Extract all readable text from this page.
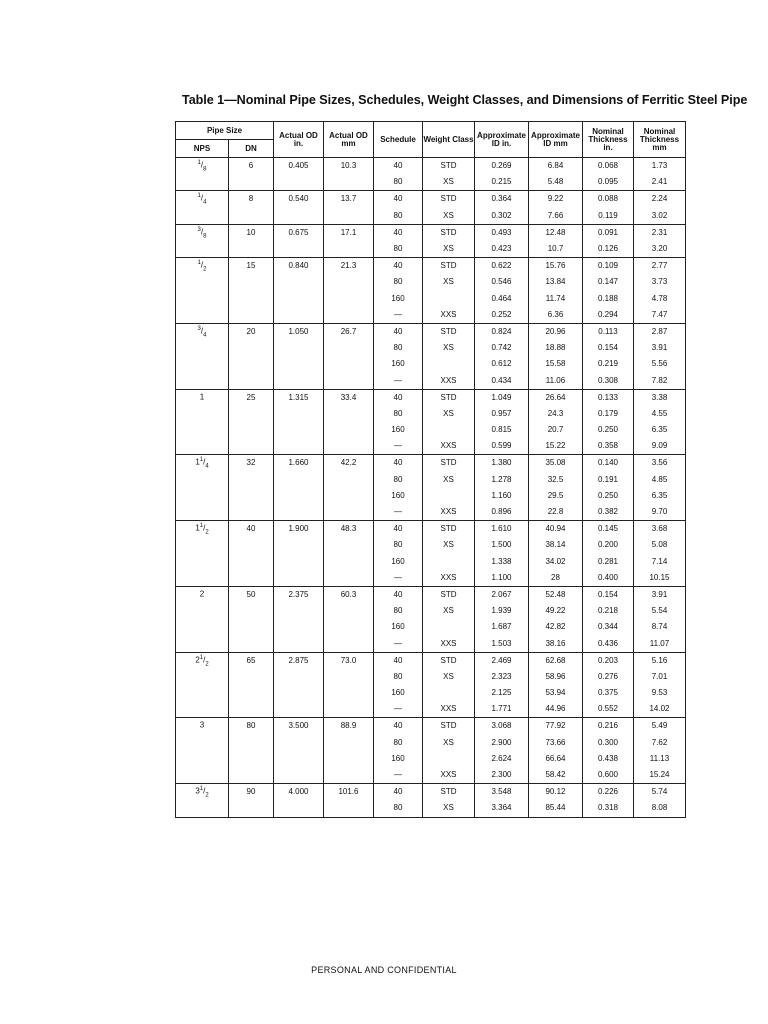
Table 1—Nominal Pipe Sizes, Schedules, Weight Classes, and Dimensions of Ferritic Steel Pipe
Pipe Size		Actual OD in.	Actual OD mm	Schedule	Weight Class	Approximate ID in.	Approximate ID mm	Nominal Thickness in.	Nominal Thickness mm
NPS	DN								
$^1/_8$	6	0.405	10.3	40	STD	0.269	6.84	0.068	1.73
				80	XS	0.215	5.48	0.095	2.41
$^1/_4$	8	0.540	13.7	40	STD	0.364	9.22	0.088	2.24
				80	XS	0.302	7.66	0.119	3.02
$^3/_8$	10	0.675	17.1	40	STD	0.493	12.48	0.091	2.31
				80	XS	0.423	10.7	0.126	3.20
$^1/_2$	15	0.840	21.3	40	STD	0.622	15.76	0.109	2.77
				80	XS	0.546	13.84	0.147	3.73
				160		0.464	11.74	0.188	4.78
				—	XXS	0.252	6.36	0.294	7.47
$^3/_4$	20	1.050	26.7	40	STD	0.824	20.96	0.113	2.87
				80	XS	0.742	18.88	0.154	3.91
				160		0.612	15.58	0.219	5.56
				—	XXS	0.434	11.06	0.308	7.82
1	25	1.315	33.4	40	STD	1.049	26.64	0.133	3.38
				80	XS	0.957	24.3	0.179	4.55
				160		0.815	20.7	0.250	6.35
				—	XXS	0.599	15.22	0.358	9.09
$1^1/_4$	32	1.660	42.2	40	STD	1.380	35.08	0.140	3.56
				80	XS	1.278	32.5	0.191	4.85
				160		1.160	29.5	0.250	6.35
				—	XXS	0.896	22.8	0.382	9.70
$1^1/_2$	40	1.900	48.3	40	STD	1.610	40.94	0.145	3.68
				80	XS	1.500	38.14	0.200	5.08
				160		1.338	34.02	0.281	7.14
				—	XXS	1.100	28	0.400	10.15
2	50	2.375	60.3	40	STD	2.067	52.48	0.154	3.91
				80	XS	1.939	49.22	0.218	5.54
				160		1.687	42.82	0.344	8.74
				—	XXS	1.503	38.16	0.436	11.07
$2^1/_2$	65	2.875	73.0	40	STD	2.469	62.68	0.203	5.16
				80	XS	2.323	58.96	0.276	7.01
				160		2.125	53.94	0.375	9.53
				—	XXS	1.771	44.96	0.552	14.02
3	80	3.500	88.9	40	STD	3.068	77.92	0.216	5.49
				80	XS	2.900	73.66	0.300	7.62
				160		2.624	66.64	0.438	11.13
				—	XXS	2.300	58.42	0.600	15.24
$3^1/_2$	90	4.000	101.6	40	STD	3.548	90.12	0.226	5.74
				80	XS	3.364	85.44	0.318	8.08
PERSONAL AND CONFIDENTIAL
